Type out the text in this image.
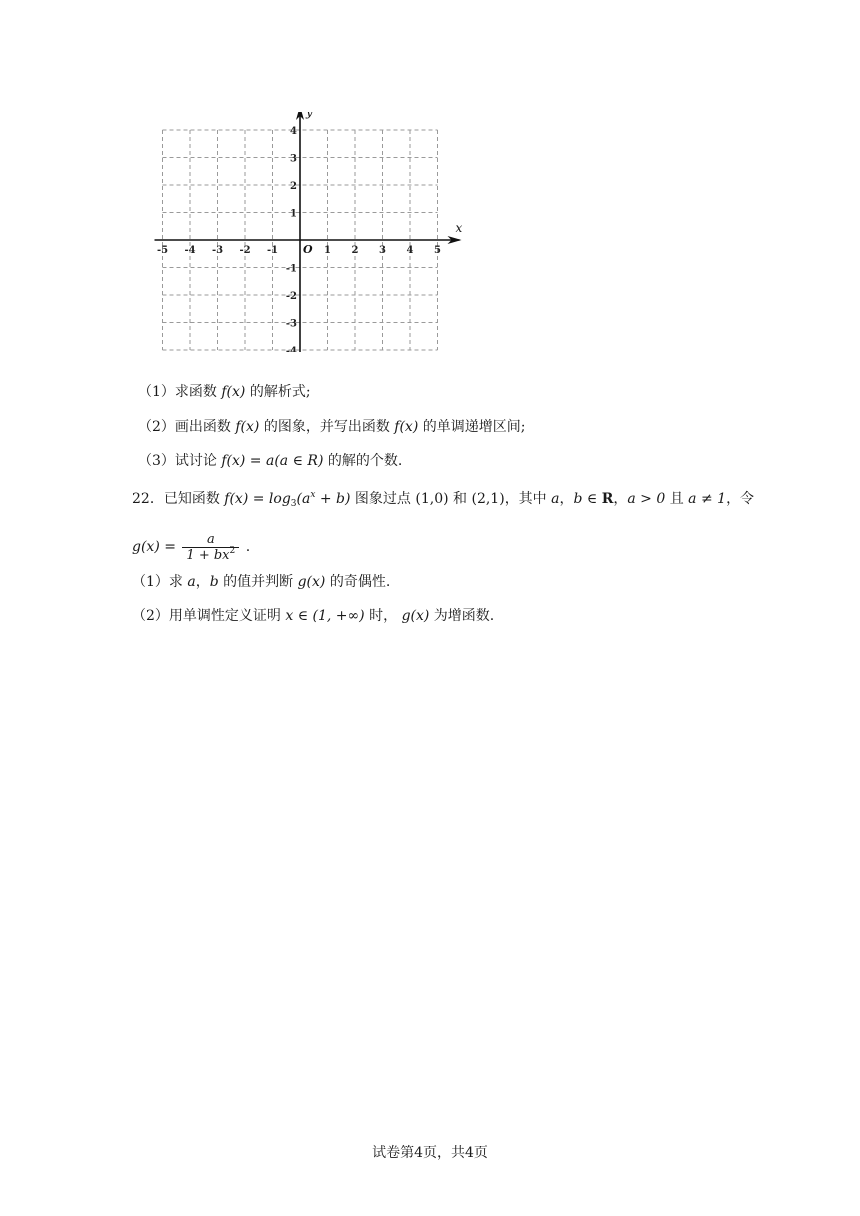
x
y
O
-5 -4 -3 -2 -1	1 2 3 4 5
4
3
2
1
-1
-2
-3
-4
（1）求函数 f(x) 的解析式;
（2）画出函数 f(x) 的图象，并写出函数 f(x) 的单调递增区间;
（3）试讨论 f(x) = a(a ∈ R) 的解的个数.
22．已知函数 $f(x) = \log_3(a^x + b)$ 图象过点 (1,0) 和 (2,1)，其中 a，b ∈ R，a > 0 且 a ≠ 1，令
$g(x) = \frac{a}{1 + bx^2}$ .
（1）求 a，b 的值并判断 g(x) 的奇偶性.
（2）用单调性定义证明 x ∈ (1, +∞) 时， g(x) 为增函数.
试卷第4页，共4页
